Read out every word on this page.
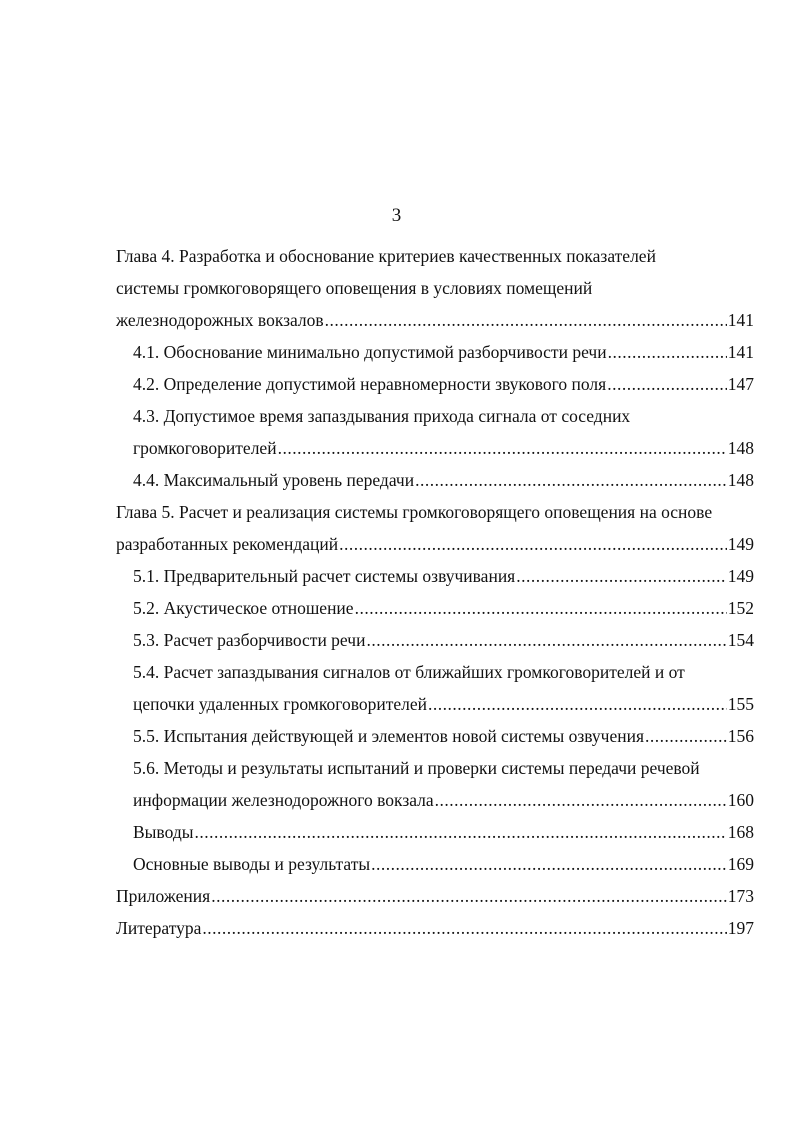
3
Глава 4. Разработка и обоснование критериев качественных показателей
системы громкоговорящего оповещения в условиях помещений
железнодорожных вокзалов .....	141
4.1. Обоснование минимально допустимой разборчивости речи .....	141
4.2. Определение допустимой неравномерности звукового поля .....	147
4.3. Допустимое время запаздывания прихода сигнала от соседних
громкоговорителей .....	148
4.4. Максимальный уровень передачи .....	148
Глава 5. Расчет и реализация системы громкоговорящего оповещения на основе
разработанных рекомендаций .....	149
5.1. Предварительный расчет системы озвучивания .....	149
5.2. Акустическое отношение .....	152
5.3. Расчет разборчивости речи .....	154
5.4. Расчет запаздывания сигналов от ближайших громкоговорителей и от
цепочки удаленных громкоговорителей .....	155
5.5. Испытания действующей и элементов новой системы озвучения .....	156
5.6. Методы и результаты испытаний и проверки системы передачи речевой
информации железнодорожного вокзала .....	160
Выводы .....	168
Основные выводы и результаты .....	169
Приложения .....	173
Литература .....	197
